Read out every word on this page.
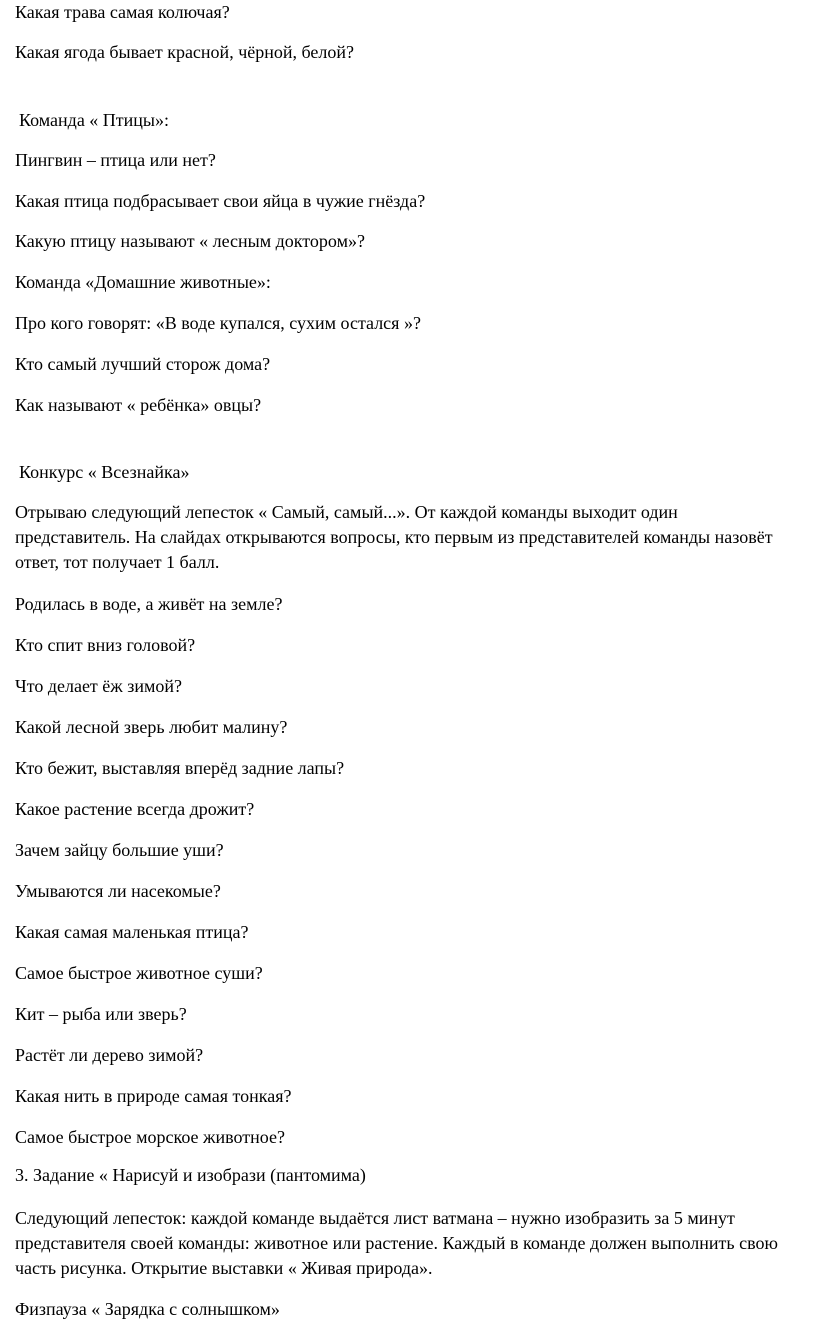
Какая трава самая колючая?
Какая ягода бывает красной, чёрной, белой?
Команда « Птицы»:
Пингвин – птица или нет?
Какая птица подбрасывает свои яйца в чужие гнёзда?
Какую птицу называют « лесным доктором»?
Команда «Домашние животные»:
Про кого говорят: «В воде купался, сухим остался »?
Кто самый лучший сторож дома?
Как называют « ребёнка» овцы?
Конкурс « Всезнайка»
Отрываю следующий лепесток « Самый, самый...». От каждой команды выходит один представитель. На слайдах открываются вопросы, кто первым из представителей команды назовёт ответ, тот получает 1 балл.
Родилась в воде, а живёт на земле?
Кто спит вниз головой?
Что делает ёж зимой?
Какой лесной зверь любит малину?
Кто бежит, выставляя вперёд задние лапы?
Какое растение всегда дрожит?
Зачем зайцу большие уши?
Умываются ли насекомые?
Какая самая маленькая птица?
Самое быстрое животное суши?
Кит – рыба или зверь?
Растёт ли дерево зимой?
Какая нить в природе самая тонкая?
Самое быстрое морское животное?
3. Задание « Нарисуй и изобрази (пантомима)
Следующий лепесток: каждой команде выдаётся лист ватмана – нужно изобразить за 5 минут представителя своей команды: животное или растение. Каждый в команде должен выполнить свою часть рисунка. Открытие выставки « Живая природа».
Физпауза « Зарядка с солнышком»
